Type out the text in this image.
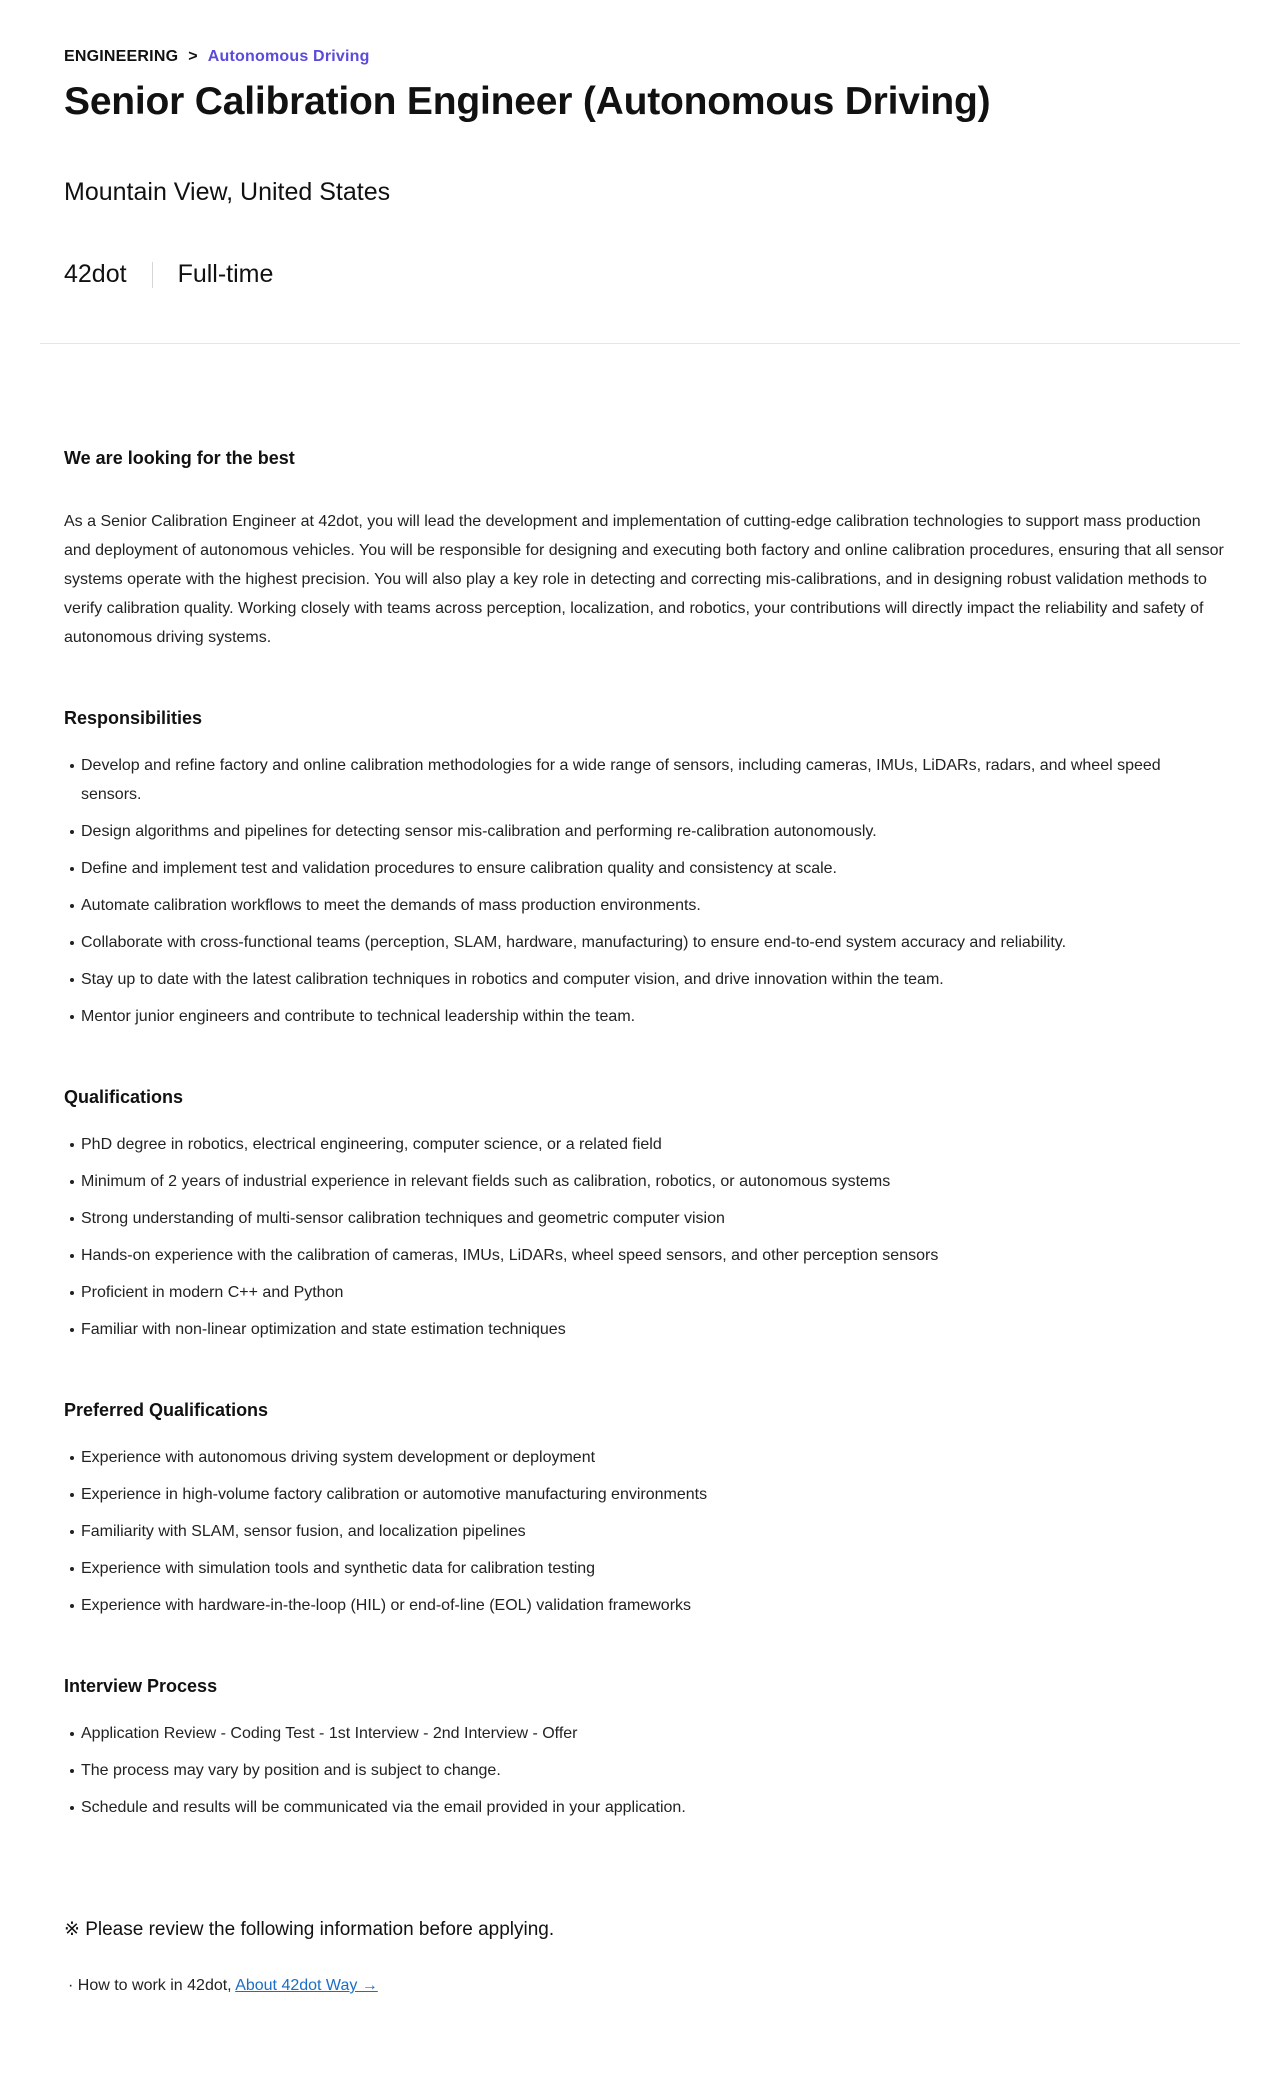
ENGINEERING > Autonomous Driving
Senior Calibration Engineer (Autonomous Driving)
Mountain View, United States
42dot Full-time
We are looking for the best

As a Senior Calibration Engineer at 42dot, you will lead the development and implementation of cutting-edge calibration technologies to support mass production and deployment of autonomous vehicles. You will be responsible for designing and executing both factory and online calibration procedures, ensuring that all sensor systems operate with the highest precision. You will also play a key role in detecting and correcting mis-calibrations, and in designing robust validation methods to verify calibration quality. Working closely with teams across perception, localization, and robotics, your contributions will directly impact the reliability and safety of autonomous driving systems.

Responsibilities
Develop and refine factory and online calibration methodologies for a wide range of sensors, including cameras, IMUs, LiDARs, radars, and wheel speed sensors.
Design algorithms and pipelines for detecting sensor mis-calibration and performing re-calibration autonomously.
Define and implement test and validation procedures to ensure calibration quality and consistency at scale.
Automate calibration workflows to meet the demands of mass production environments.
Collaborate with cross-functional teams (perception, SLAM, hardware, manufacturing) to ensure end-to-end system accuracy and reliability.
Stay up to date with the latest calibration techniques in robotics and computer vision, and drive innovation within the team.
Mentor junior engineers and contribute to technical leadership within the team.
Qualifications
PhD degree in robotics, electrical engineering, computer science, or a related field
Minimum of 2 years of industrial experience in relevant fields such as calibration, robotics, or autonomous systems
Strong understanding of multi-sensor calibration techniques and geometric computer vision
Hands-on experience with the calibration of cameras, IMUs, LiDARs, wheel speed sensors, and other perception sensors
Proficient in modern C++ and Python
Familiar with non-linear optimization and state estimation techniques
Preferred Qualifications
Experience with autonomous driving system development or deployment
Experience in high-volume factory calibration or automotive manufacturing environments
Familiarity with SLAM, sensor fusion, and localization pipelines
Experience with simulation tools and synthetic data for calibration testing
Experience with hardware-in-the-loop (HIL) or end-of-line (EOL) validation frameworks
Interview Process
Application Review - Coding Test - 1st Interview - 2nd Interview - Offer
The process may vary by position and is subject to change.
Schedule and results will be communicated via the email provided in your application.

※ Please review the following information before applying.

· How to work in 42dot, About 42dot Way →
